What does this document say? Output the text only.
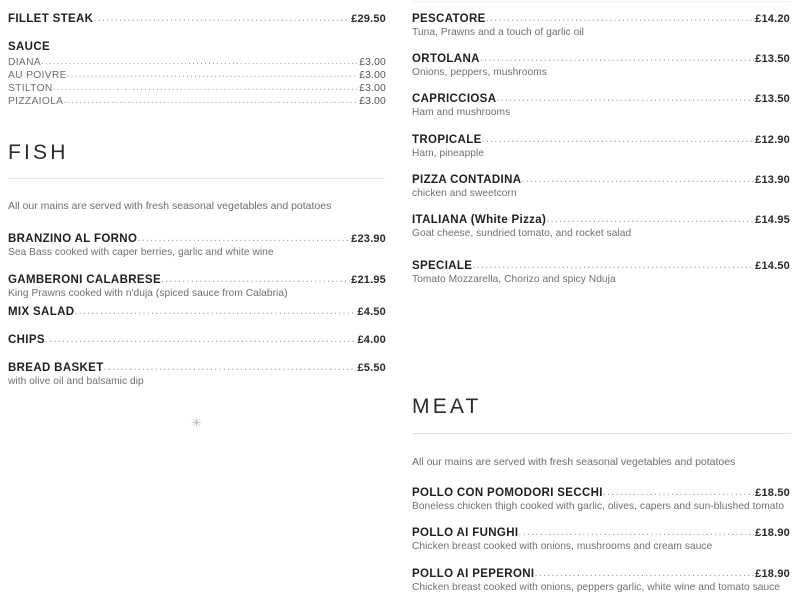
FILLET STEAK .....	£29.50
SAUCE
DIANA .....	£3.00
AU POIVRE .....	£3.00
STILTON .....	£3.00
PIZZAIOLA .....	£3.00
FISH
All our mains are served with fresh seasonal vegetables and potatoes
BRANZINO AL FORNO .....	£23.90
Sea Bass cooked with caper berries, garlic and white wine
GAMBERONI CALABRESE .....	£21.95
King Prawns cooked with n'duja (spiced sauce from Calabria)
MIX SALAD .....	£4.50
CHIPS .....	£4.00
BREAD BASKET .....	£5.50
with olive oil and balsamic dip
✳
PESCATORE .....	£14.20
Tuna, Prawns and a touch of garlic oil
ORTOLANA .....	£13.50
Onions, peppers, mushrooms
CAPRICCIOSA .....	£13.50
Ham and mushrooms
TROPICALE .....	£12.90
Ham, pineapple
PIZZA CONTADINA .....	£13.90
chicken and sweetcorn
ITALIANA (White Pizza) .....	£14.95
Goat cheese, sundried tomato, and rocket salad
SPECIALE .....	£14.50
Tomato Mozzarella, Chorizo and spicy Nduja
MEAT
All our mains are served with fresh seasonal vegetables and potatoes
POLLO CON POMODORI SECCHI .....	£18.50
Boneless chicken thigh cooked with garlic, olives, capers and sun-blushed tomato
POLLO AI FUNGHI .....	£18.90
Chicken breast cooked with onions, mushrooms and cream sauce
POLLO AI PEPERONI .....	£18.90
Chicken breast cooked with onions, peppers garlic, white wine and tomato sauce
